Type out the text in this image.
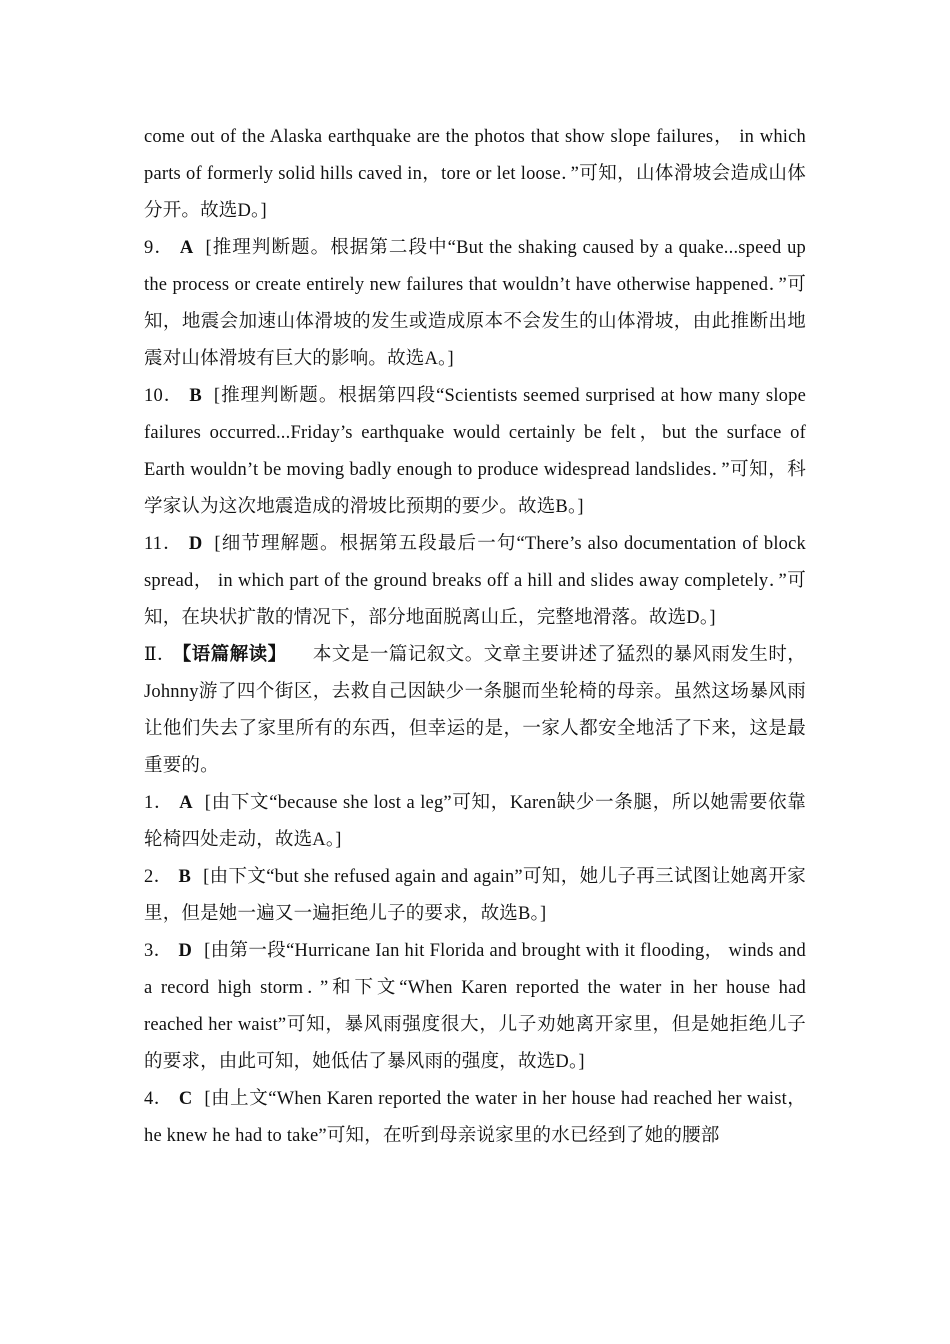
come out of the Alaska earthquake are the photos that show slope failures， in which parts of formerly solid hills caved in，tore or let loose．”可知，山体滑坡会造成山体分开。故选D。]

9． A [推理判断题。根据第二段中“But the shaking caused by a quake...speed up the process or create entirely new failures that wouldn’t have otherwise happened．”可知，地震会加速山体滑坡的发生或造成原本不会发生的山体滑坡，由此推断出地震对山体滑坡有巨大的影响。故选A。]

10． B [推理判断题。根据第四段“Scientists seemed surprised at how many slope failures occurred...Friday’s earthquake would certainly be felt，but the surface of Earth wouldn’t be moving badly enough to produce widespread landslides．”可知，科学家认为这次地震造成的滑坡比预期的要少。故选B。]

11． D [细节理解题。根据第五段最后一句“There’s also documentation of block spread， in which part of the ground breaks off a hill and slides away completely．”可知，在块状扩散的情况下，部分地面脱离山丘，完整地滑落。故选D。]

Ⅱ． 【语篇解读】 本文是一篇记叙文。文章主要讲述了猛烈的暴风雨发生时，Johnny游了四个街区，去救自己因缺少一条腿而坐轮椅的母亲。虽然这场暴风雨让他们失去了家里所有的东西，但幸运的是，一家人都安全地活了下来，这是最重要的。

1． A [由下文“because she lost a leg”可知，Karen缺少一条腿，所以她需要依靠轮椅四处走动，故选A。]

2． B [由下文“but she refused again and again”可知，她儿子再三试图让她离开家里，但是她一遍又一遍拒绝儿子的要求，故选B。]

3． D [由第一段“Hurricane Ian hit Florida and brought with it flooding， winds and a record high storm．”和下文“When Karen reported the water in her house had reached her waist”可知，暴风雨强度很大，儿子劝她离开家里，但是她拒绝儿子的要求，由此可知，她低估了暴风雨的强度，故选D。]

4． C [由上文“When Karen reported the water in her house had reached her waist，he knew he had to take”可知，在听到母亲说家里的水已经到了她的腰部
